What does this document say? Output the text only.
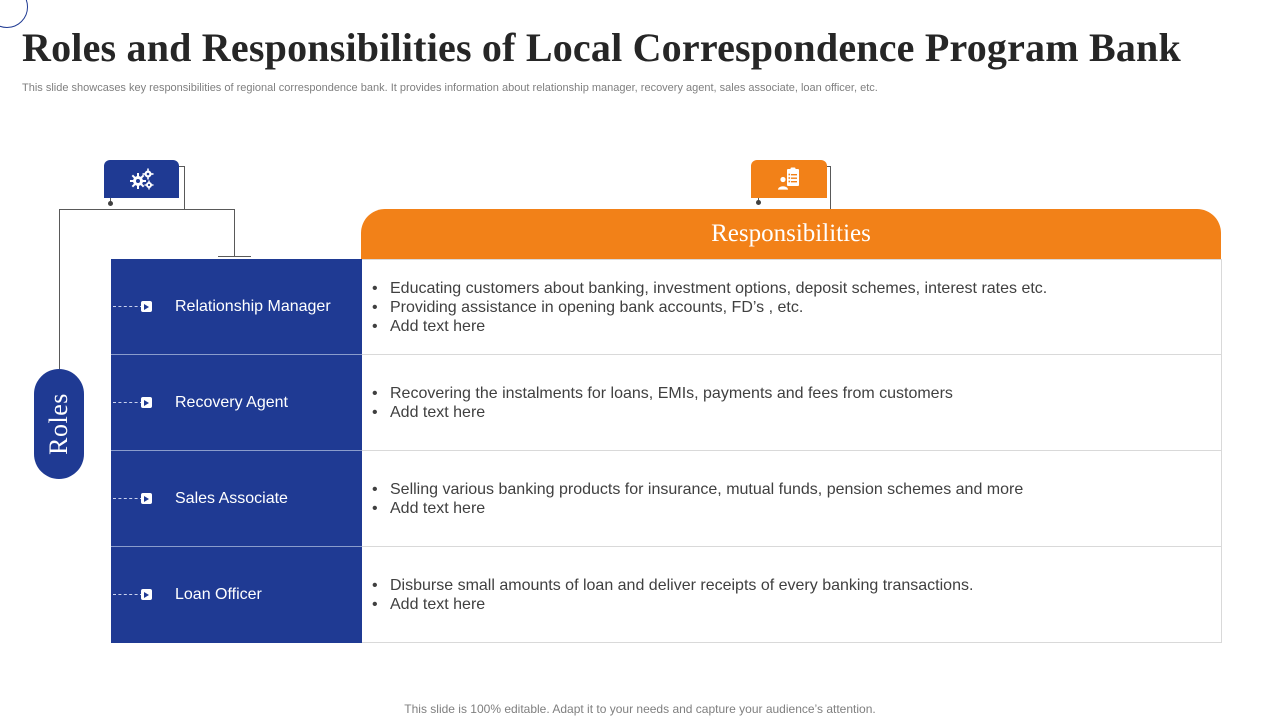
Roles and Responsibilities of Local Correspondence Program Bank

This slide showcases key responsibilities of regional correspondence bank. It provides information about relationship manager, recovery agent, sales associate, loan officer, etc.

Roles
Responsibilities
Relationship Manager
• Educating customers about banking, investment options, deposit schemes, interest rates etc.
• Providing assistance in opening bank accounts, FD’s , etc.
• Add text here
Recovery Agent
• Recovering the instalments for loans, EMIs, payments and fees from customers
• Add text here
Sales Associate
• Selling various banking products for insurance, mutual funds, pension schemes and more
• Add text here
Loan Officer
• Disburse small amounts of loan and deliver receipts of every banking transactions.
• Add text here

This slide is 100% editable. Adapt it to your needs and capture your audience’s attention.
